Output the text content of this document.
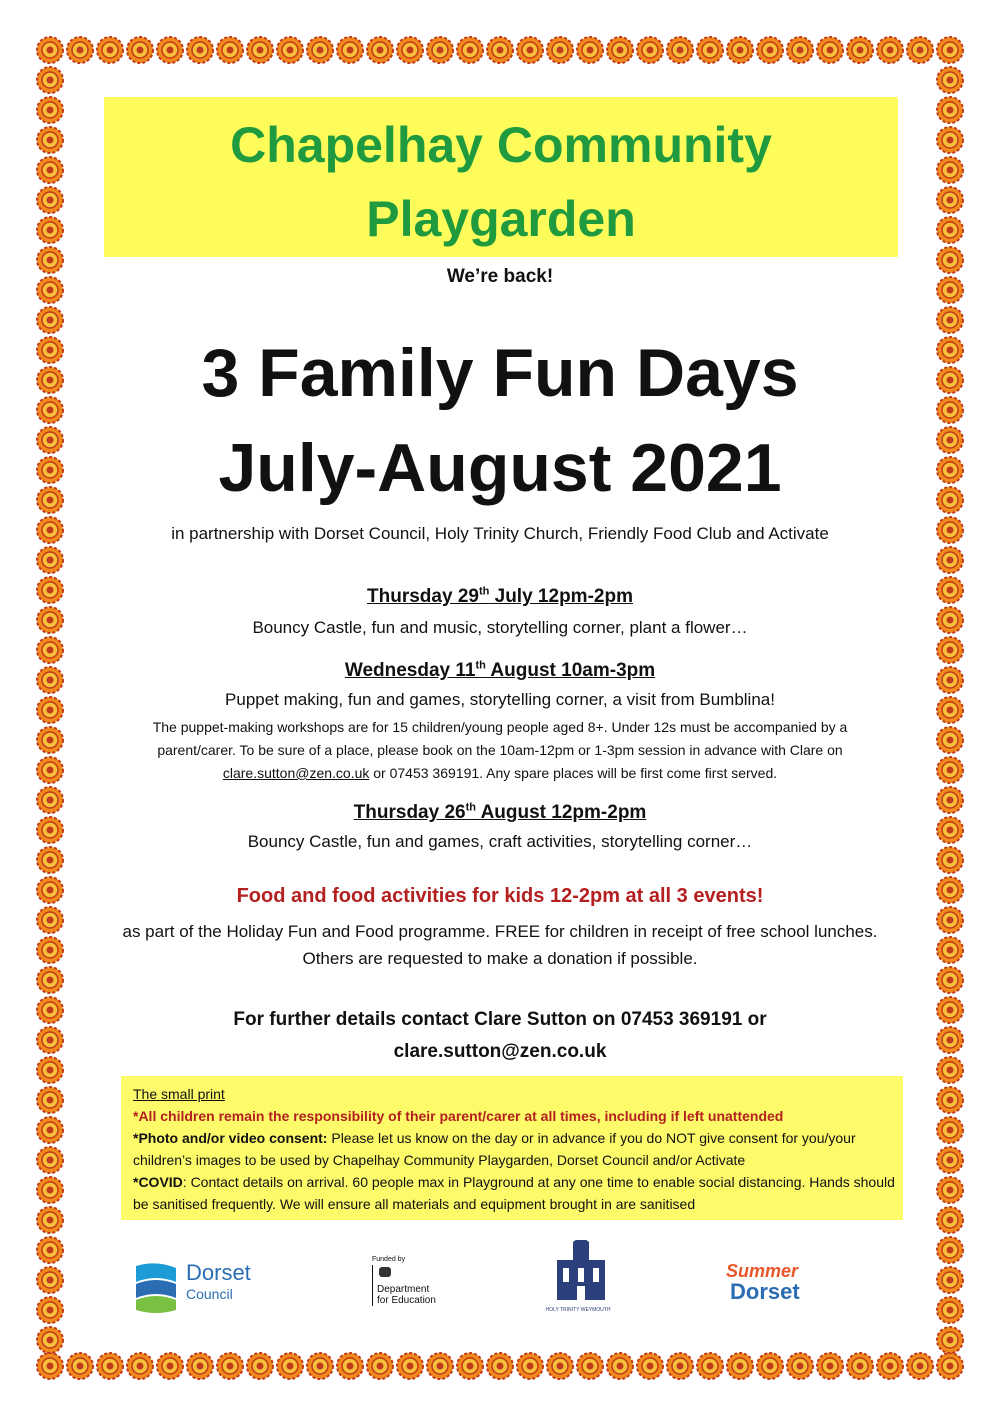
Chapelhay Community
Playgarden
We’re back!
3 Family Fun Days
July-August 2021
in partnership with Dorset Council, Holy Trinity Church, Friendly Food Club and Activate
Thursday 29th July 12pm-2pm
Bouncy Castle, fun and music, storytelling corner, plant a flower…
Wednesday 11th August 10am-3pm
Puppet making, fun and games, storytelling corner, a visit from Bumblina!
The puppet-making workshops are for 15 children/young people aged 8+. Under 12s must be accompanied by a parent/carer. To be sure of a place, please book on the 10am-12pm or 1-3pm session in advance with Clare on clare.sutton@zen.co.uk or 07453 369191. Any spare places will be first come first served.
Thursday 26th August 12pm-2pm
Bouncy Castle, fun and games, craft activities, storytelling corner…
Food and food activities for kids 12-2pm at all 3 events!
as part of the Holiday Fun and Food programme. FREE for children in receipt of free school lunches. Others are requested to make a donation if possible.
For further details contact Clare Sutton on 07453 369191 or
clare.sutton@zen.co.uk
The small print
*All children remain the responsibility of their parent/carer at all times, including if left unattended
*Photo and/or video consent: Please let us know on the day or in advance if you do NOT give consent for you/your children’s images to be used by Chapelhay Community Playgarden, Dorset Council and/or Activate
*COVID: Contact details on arrival. 60 people max in Playground at any one time to enable social distancing. Hands should be sanitised frequently. We will ensure all materials and equipment brought in are sanitised
Dorset
Council
Funded by
Department
for Education
HOLY TRINITY WEYMOUTH
Summer
Dorset
